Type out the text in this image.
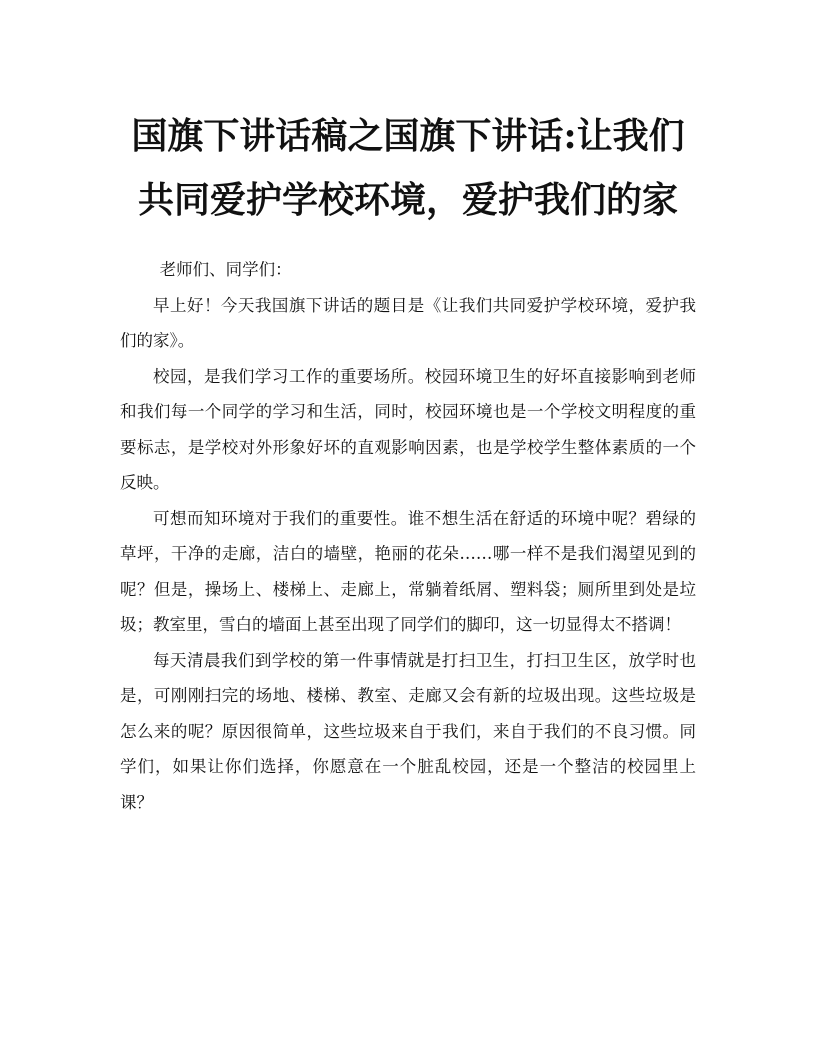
国旗下讲话稿之国旗下讲话:让我们共同爱护学校环境，爱护我们的家

老师们、同学们：

早上好！今天我国旗下讲话的题目是《让我们共同爱护学校环境，爱护我们的家》。

校园，是我们学习工作的重要场所。校园环境卫生的好坏直接影响到老师和我们每一个同学的学习和生活，同时，校园环境也是一个学校文明程度的重要标志，是学校对外形象好坏的直观影响因素，也是学校学生整体素质的一个反映。

可想而知环境对于我们的重要性。谁不想生活在舒适的环境中呢？碧绿的草坪，干净的走廊，洁白的墙壁，艳丽的花朵……哪一样不是我们渴望见到的呢？但是，操场上、楼梯上、走廊上，常躺着纸屑、塑料袋；厕所里到处是垃圾；教室里，雪白的墙面上甚至出现了同学们的脚印，这一切显得太不搭调！

每天清晨我们到学校的第一件事情就是打扫卫生，打扫卫生区，放学时也是，可刚刚扫完的场地、楼梯、教室、走廊又会有新的垃圾出现。这些垃圾是怎么来的呢？原因很简单，这些垃圾来自于我们，来自于我们的不良习惯。同学们，如果让你们选择，你愿意在一个脏乱校园，还是一个整洁的校园里上课？
